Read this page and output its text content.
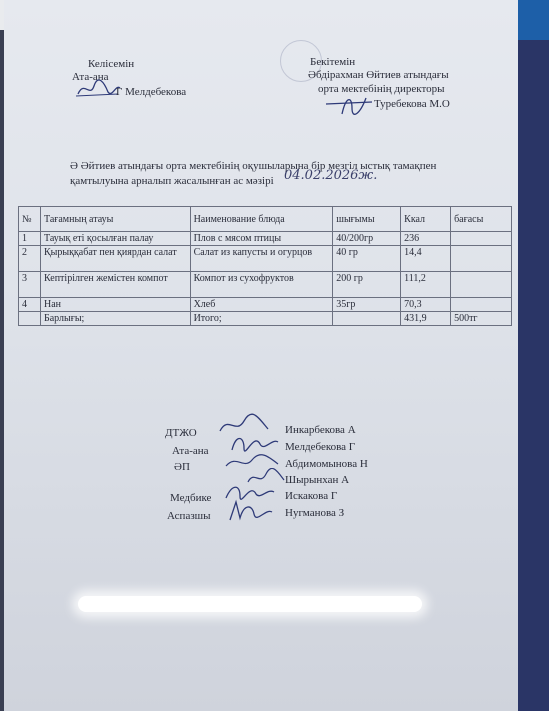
Келісемін
Ата-ана
Г Мелдебекова
Бекітемін
Әбдірахман Өйтиев атындағы
орта мектебінің директоры
Туребекова М.О
Ә Әйтиев атындағы орта мектебінің оқушыларына бір мезгіл ыстық тамақпен
қамтылуына арналып жасалынған ас мәзірі 04.02.2026ж.
№	Тағамның атауы	Наименование блюда	шығымы	Ккал	бағасы
1	Тауық еті қосылған палау	Плов с мясом птицы	40/200гр	236	
2	Қырыққабат пен қиярдан салат	Салат из капусты и огурцов	40 гр	14,4	
3	Кептірілген жемістен компот	Компот из сухофруктов	200 гр	111,2	
4	Нан	Хлеб	35гр	70,3	
	Барлығы;	Итого;		431,9	500тг
ДТЖО	Инкарбекова А
Ата-ана	Мелдебекова Г
ӘП	Абдимомынова Н
Шырынхан А
Медбике	Искакова Г
Аспазшы	Нугманова З
